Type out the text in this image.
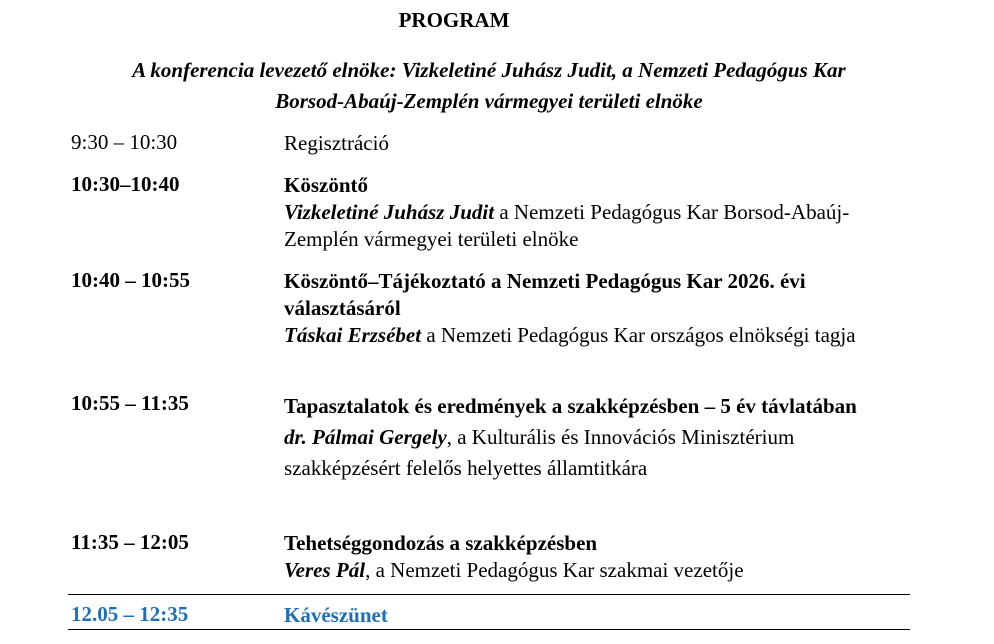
PROGRAM
A konferencia levezető elnöke: Vizkeletiné Juhász Judit, a Nemzeti Pedagógus Kar
Borsod-Abaúj-Zemplén vármegyei területi elnöke
9:30 – 10:30	Regisztráció
10:30–10:40	Köszöntő
Vizkeletiné Juhász Judit a Nemzeti Pedagógus Kar Borsod-Abaúj-Zemplén vármegyei területi elnöke
10:40 – 10:55	Köszöntő–Tájékoztató a Nemzeti Pedagógus Kar 2026. évi választásáról
Táskai Erzsébet a Nemzeti Pedagógus Kar országos elnökségi tagja
10:55 – 11:35	Tapasztalatok és eredmények a szakképzésben – 5 év távlatában
dr. Pálmai Gergely, a Kulturális és Innovációs Minisztérium szakképzésért felelős helyettes államtitkára
11:35 – 12:05	Tehetséggondozás a szakképzésben
Veres Pál, a Nemzeti Pedagógus Kar szakmai vezetője
12.05 – 12:35	Kávészünet
